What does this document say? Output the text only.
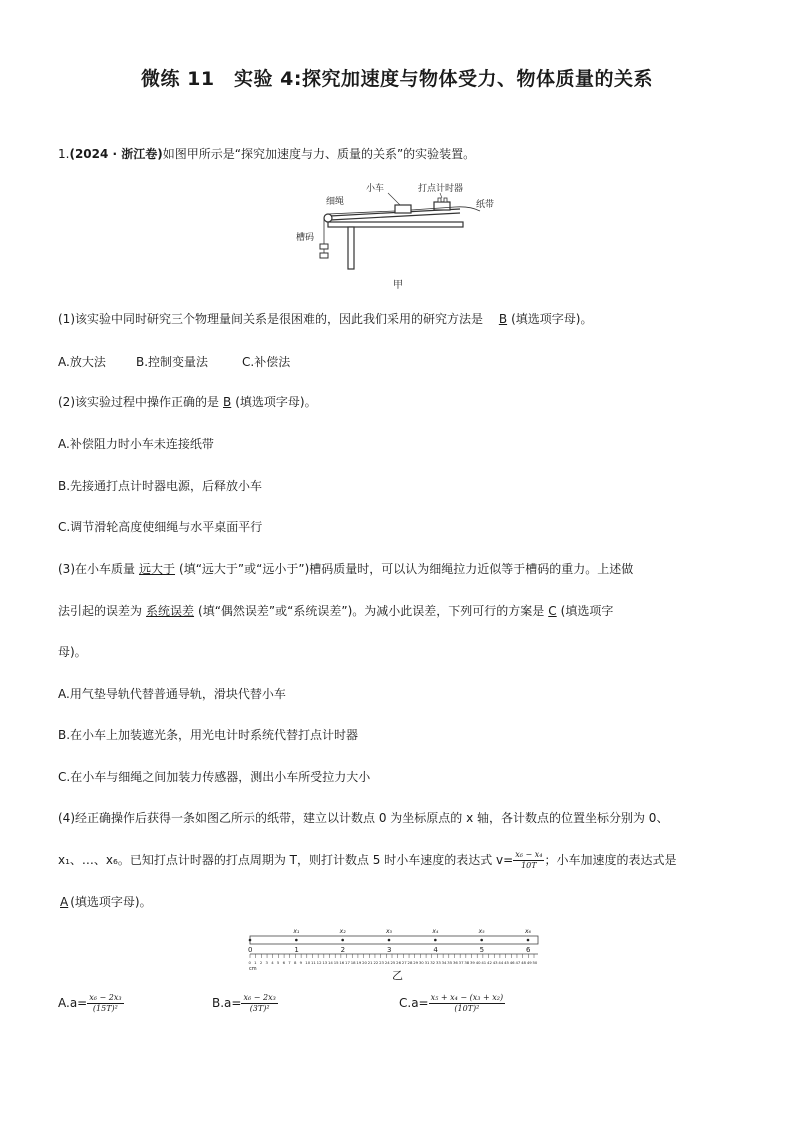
微练 11　实验 4:探究加速度与物体受力、物体质量的关系
1.(2024 · 浙江卷)如图甲所示是“探究加速度与力、质量的关系”的实验装置。
细绳
小车	打点计时器
纸带
槽码
甲
(1)该实验中同时研究三个物理量间关系是很困难的，因此我们采用的研究方法是 B (填选项字母)。
A.放大法	B.控制变量法	C.补偿法
(2)该实验过程中操作正确的是 B (填选项字母)。
A.补偿阻力时小车未连接纸带
B.先接通打点计时器电源，后释放小车
C.调节滑轮高度使细绳与水平桌面平行
(3)在小车质量 远大于 (填“远大于”或“远小于”)槽码质量时，可以认为细绳拉力近似等于槽码的重力。上述做
法引起的误差为 系统误差 (填“偶然误差”或“系统误差”)。为减小此误差，下列可行的方案是 C (填选项字
母)。
A.用气垫导轨代替普通导轨，滑块代替小车
B.在小车上加装遮光条，用光电计时系统代替打点计时器
C.在小车与细绳之间加装力传感器，测出小车所受拉力大小
(4)经正确操作后获得一条如图乙所示的纸带，建立以计数点 0 为坐标原点的 x 轴，各计数点的位置坐标分别为 0、
x₁、…、x₆。已知打点计时器的打点周期为 T，则打计数点 5 时小车速度的表达式 $v= \frac{\text{x₆ − x₄}}{10T}$ ；小车加速度的表达式是
A (填选项字母)。
0	1
x₁
2
x₂
3
x₃
4
x₄
5
x₅
6
x₆
0 1 2 3 4 5 6 7 8 9 10 11 12 13 14 15 16 17 18 19 20 21 22 23 24 25 26 27 28 29 30 31 32 33 34 35 36 37 38 39 40 41 42 43 44 45 46 47 48 49 50
cm	乙
$A.a= \frac{\text{x₆ − 2x₃}}{\text{(15T)²}}$	$B.a= \frac{\text{x₆ − 2x₃}}{\text{(3T)²}}$	$C.a= \frac{\text{x₅ + x₄ − (x₃ + x₂)}}{\text{(10T)²}}$
